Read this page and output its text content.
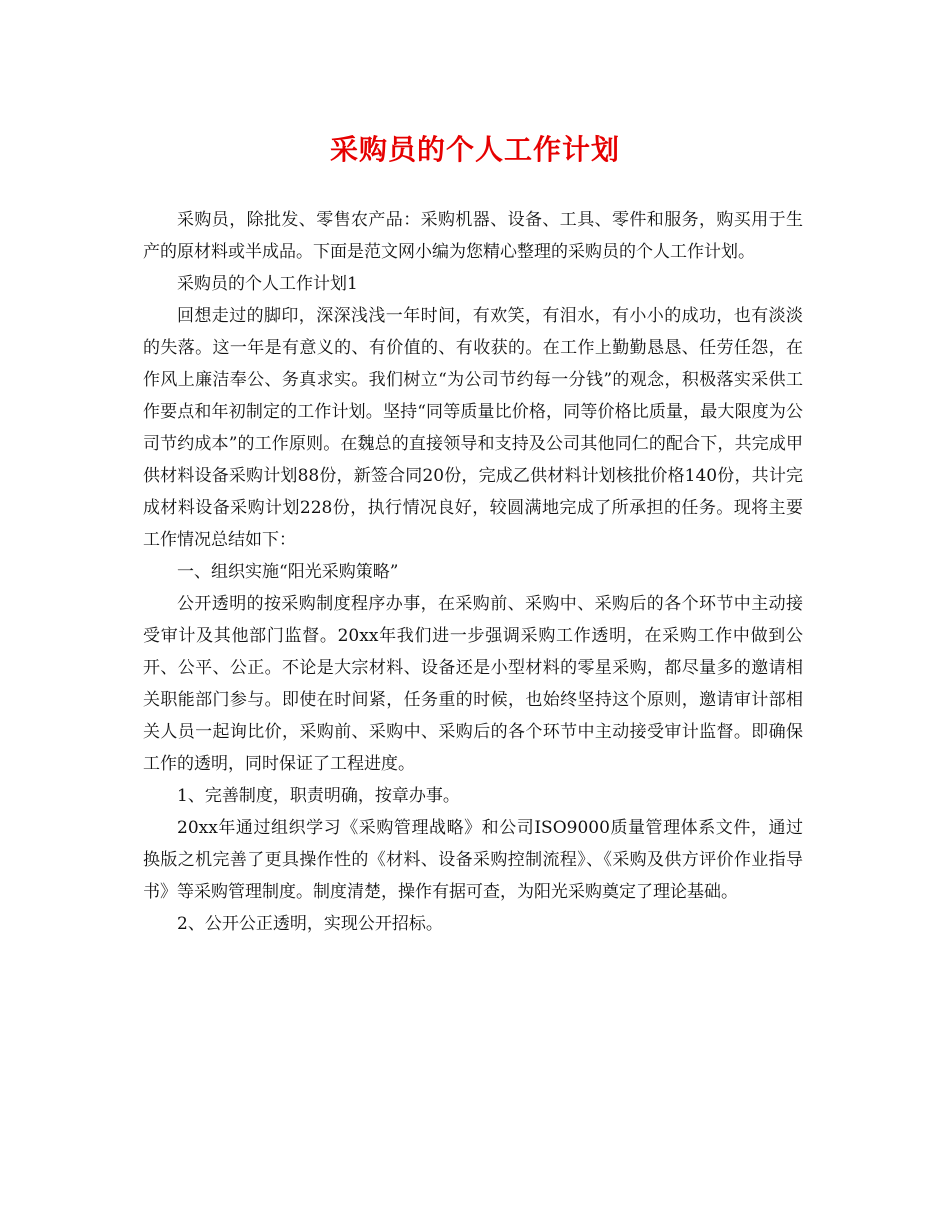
采购员的个人工作计划

采购员，除批发、零售农产品：采购机器、设备、工具、零件和服务，购买用于生产的原材料或半成品。下面是范文网小编为您精心整理的采购员的个人工作计划。

采购员的个人工作计划1

回想走过的脚印，深深浅浅一年时间，有欢笑，有泪水，有小小的成功，也有淡淡的失落。这一年是有意义的、有价值的、有收获的。在工作上勤勤恳恳、任劳任怨，在作风上廉洁奉公、务真求实。我们树立“为公司节约每一分钱”的观念，积极落实采供工作要点和年初制定的工作计划。坚持“同等质量比价格，同等价格比质量，最大限度为公司节约成本”的工作原则。在魏总的直接领导和支持及公司其他同仁的配合下，共完成甲供材料设备采购计划88份，新签合同20份，完成乙供材料计划核批价格140份，共计完成材料设备采购计划228份，执行情况良好，较圆满地完成了所承担的任务。现将主要工作情况总结如下：

一、组织实施“阳光采购策略”

公开透明的按采购制度程序办事，在采购前、采购中、采购后的各个环节中主动接受审计及其他部门监督。20xx年我们进一步强调采购工作透明，在采购工作中做到公开、公平、公正。不论是大宗材料、设备还是小型材料的零星采购，都尽量多的邀请相关职能部门参与。即使在时间紧，任务重的时候，也始终坚持这个原则，邀请审计部相关人员一起询比价，采购前、采购中、采购后的各个环节中主动接受审计监督。即确保工作的透明，同时保证了工程进度。

1、完善制度，职责明确，按章办事。

20xx年通过组织学习《采购管理战略》和公司ISO9000质量管理体系文件，通过换版之机完善了更具操作性的《材料、设备采购控制流程》、《采购及供方评价作业指导书》等采购管理制度。制度清楚，操作有据可查，为阳光采购奠定了理论基础。

2、公开公正透明，实现公开招标。
